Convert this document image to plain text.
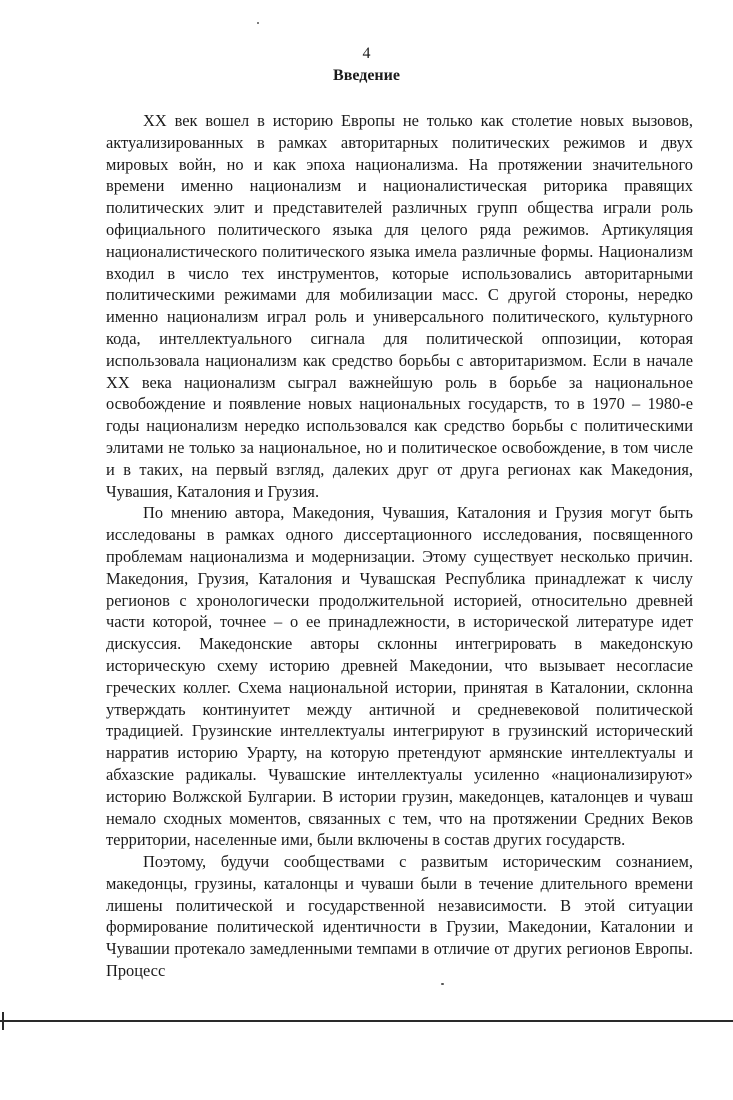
4
Введение

XX век вошел в историю Европы не только как столетие новых вызовов, актуализированных в рамках авторитарных политических режимов и двух мировых войн, но и как эпоха национализма. На протяжении значительного времени именно национализм и националистическая риторика правящих политических элит и представителей различных групп общества играли роль официального политического языка для целого ряда режимов. Артикуляция националистического политического языка имела различные формы. Национализм входил в число тех инструментов, которые использовались авторитарными политическими режимами для мобилизации масс. С другой стороны, нередко именно национализм играл роль и универсального политического, культурного кода, интеллектуального сигнала для политической оппозиции, которая использовала национализм как средство борьбы с авторитаризмом. Если в начале XX века национализм сыграл важнейшую роль в борьбе за национальное освобождение и появление новых национальных государств, то в 1970 – 1980-е годы национализм нередко использовался как средство борьбы с политическими элитами не только за национальное, но и политическое освобождение, в том числе и в таких, на первый взгляд, далеких друг от друга регионах как Македония, Чувашия, Каталония и Грузия.

По мнению автора, Македония, Чувашия, Каталония и Грузия могут быть исследованы в рамках одного диссертационного исследования, посвященного проблемам национализма и модернизации. Этому существует несколько причин. Македония, Грузия, Каталония и Чувашская Республика принадлежат к числу регионов с хронологически продолжительной историей, относительно древней части которой, точнее – о ее принадлежности, в исторической литературе идет дискуссия. Македонские авторы склонны интегрировать в македонскую историческую схему историю древней Македонии, что вызывает несогласие греческих коллег. Схема национальной истории, принятая в Каталонии, склонна утверждать континуитет между античной и средневековой политической традицией. Грузинские интеллектуалы интегрируют в грузинский исторический нарратив историю Урарту, на которую претендуют армянские интеллектуалы и абхазские радикалы. Чувашские интеллектуалы усиленно «национализируют» историю Волжской Булгарии. В истории грузин, македонцев, каталонцев и чуваш немало сходных моментов, связанных с тем, что на протяжении Средних Веков территории, населенные ими, были включены в состав других государств.

Поэтому, будучи сообществами с развитым историческим сознанием, македонцы, грузины, каталонцы и чуваши были в течение длительного времени лишены политической и государственной независимости. В этой ситуации формирование политической идентичности в Грузии, Македонии, Каталонии и Чувашии протекало замедленными темпами в отличие от других регионов Европы. Процесс
